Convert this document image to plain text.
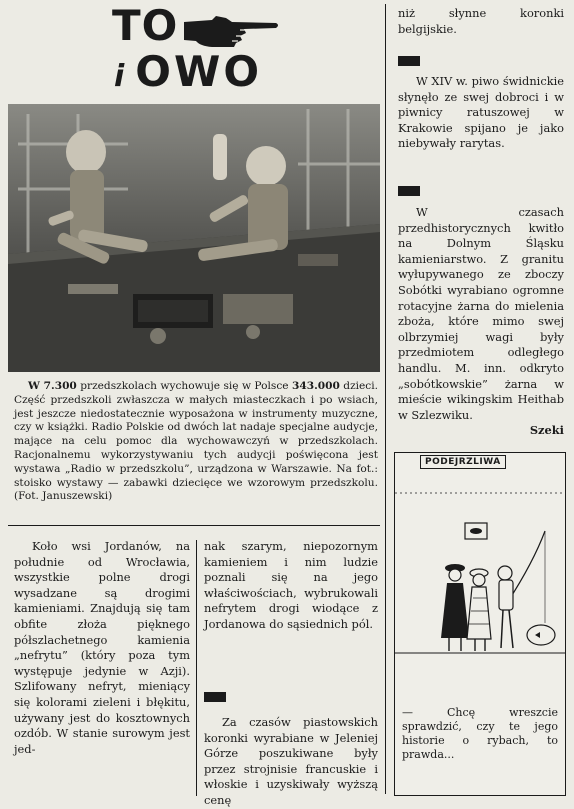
TO
i OWO

W 7.300 przedszkolach wychowuje się w Polsce 343.000 dzieci. Część przedszkoli zwłaszcza w małych miasteczkach i po wsiach, jest jeszcze niedostatecznie wyposażona w instrumenty muzyczne, czy w książki. Radio Polskie od dwóch lat nadaje specjalne audycje, mające na celu pomoc dla wychowawczyń w przedszkolach. Racjonalnemu wykorzystywaniu tych audycji poświęcona jest wystawa „Radio w przedszkolu”, urządzona w Warszawie. Na fot.: stoisko wystawy — zabawki dziecięce we wzorowym przedszkolu. (Fot. Januszewski)

Koło wsi Jordanów, na południe od Wrocławia, wszystkie polne drogi wysadzane są drogimi kamieniami. Znajdują się tam obfite złoża pięknego półszlachetnego kamienia „nefrytu” (który poza tym występuje jedynie w Azji). Szlifowany nefryt, mieniący się kolorami zieleni i błękitu, używany jest do kosztownych ozdób. W stanie surowym jest jed-

nak szarym, niepozornym kamieniem i nim ludzie poznali się na jego właściwościach, wybrukowali nefrytem drogi wiodące z Jordanowa do sąsiednich pól.

Za czasów piastowskich koronki wyrabiane w Jeleniej Górze poszukiwane były przez strojnisie francuskie i włoskie i uzyskiwały wyższą cenę

niż słynne koronki belgijskie.

W XIV w. piwo świdnickie słynęło ze swej dobroci i w piwnicy ratuszowej w Krakowie spijano je jako niebywały rarytas.

W czasach przedhistorycznych kwitło na Dolnym Śląsku kamieniarstwo. Z granitu wyłupywanego ze zboczy Sobótki wyrabiano ogromne rotacyjne żarna do mielenia zboża, które mimo swej olbrzymiej wagi były przedmiotem odległego handlu. M. inn. odkryto „sobótkowskie” żarna w mieście wikingskim Heithab w Szlezwiku.

Szeki

PODEJRZLIWA
— Chcę wreszcie sprawdzić, czy te jego historie o rybach, to prawda...
